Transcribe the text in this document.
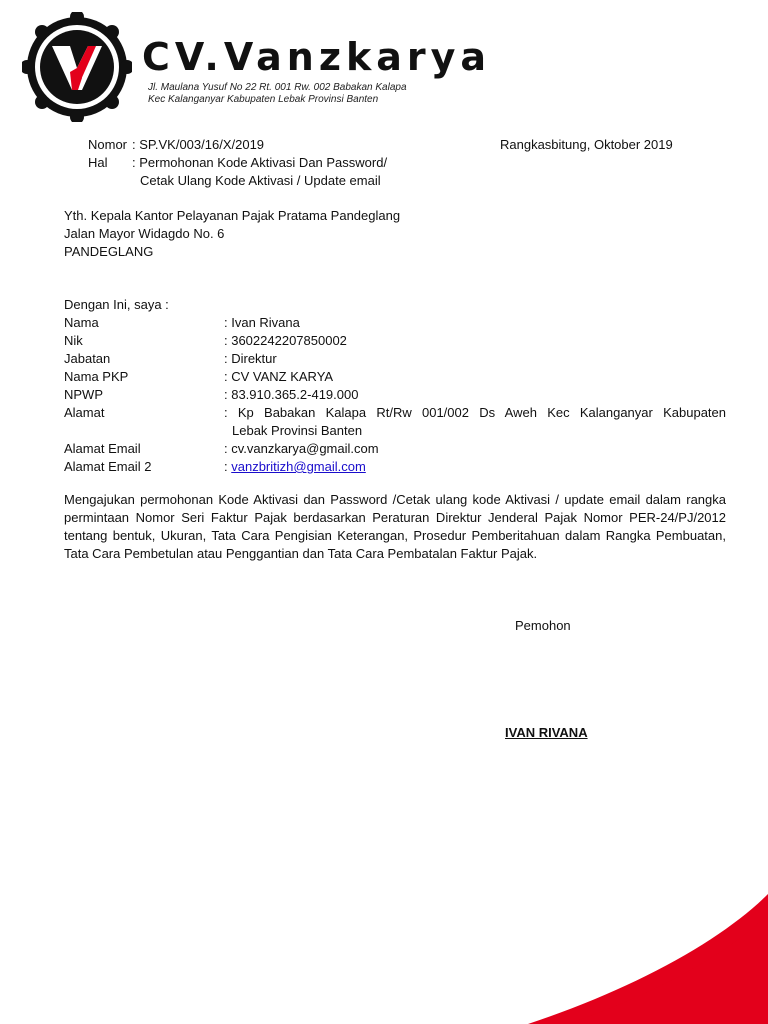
CV.Vanzkarya
Jl. Maulana Yusuf No 22 Rt. 001 Rw. 002 Babakan Kalapa
Kec Kalanganyar Kabupaten Lebak Provinsi Banten
Nomor : SP.VK/003/16/X/2019	Rangkasbitung, Oktober 2019
Hal : Permohonan Kode Aktivasi Dan Password/
Cetak Ulang Kode Aktivasi / Update email
Yth. Kepala Kantor Pelayanan Pajak Pratama Pandeglang
Jalan Mayor Widagdo No. 6
PANDEGLANG
Dengan Ini, saya :
Nama	: Ivan Rivana
Nik	: 3602242207850002
Jabatan	: Direktur
Nama PKP	: CV VANZ KARYA
NPWP	: 83.910.365.2-419.000
Alamat	: Kp Babakan Kalapa Rt/Rw 001/002 Ds Aweh Kec Kalanganyar Kabupaten
Lebak Provinsi Banten
Alamat Email	: cv.vanzkarya@gmail.com
Alamat Email 2	: vanzbritizh@gmail.com
Mengajukan permohonan Kode Aktivasi dan Password /Cetak ulang kode Aktivasi / update email dalam rangka permintaan Nomor Seri Faktur Pajak berdasarkan Peraturan Direktur Jenderal Pajak Nomor PER-24/PJ/2012 tentang bentuk, Ukuran, Tata Cara Pengisian Keterangan, Prosedur Pemberitahuan dalam Rangka Pembuatan, Tata Cara Pembetulan atau Penggantian dan Tata Cara Pembatalan Faktur Pajak.
Pemohon
IVAN RIVANA
